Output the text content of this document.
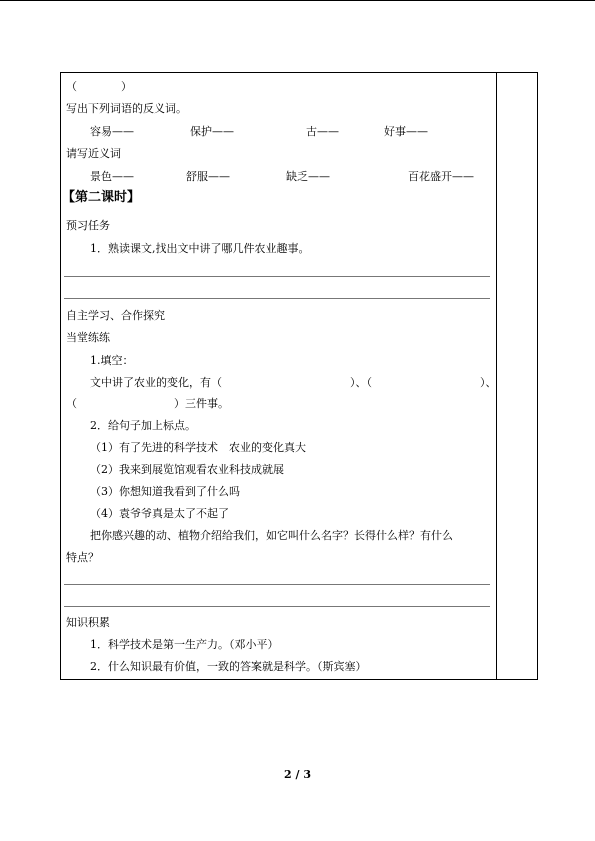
（　　　　）
写出下列词语的反义词。
容易——	保护——	古——	好事——
请写近义词
景色——	舒服——	缺乏——	百花盛开——
【第二课时】
预习任务
1．熟读课文,找出文中讲了哪几件农业趣事。
自主学习、合作探究
当堂练练
1.填空：
文中讲了农业的变化，有（	）、（	）、
（	）三件事。
2．给句子加上标点。
（1）有了先进的科学技术　农业的变化真大
（2）我来到展览馆观看农业科技成就展
（3）你想知道我看到了什么吗
（4）袁爷爷真是太了不起了
把你感兴趣的动、植物介绍给我们，如它叫什么名字？长得什么样？有什么
特点？
知识积累
1．科学技术是第一生产力。（邓小平）
2．什么知识最有价值，一致的答案就是科学。（斯宾塞）
2 / 3
